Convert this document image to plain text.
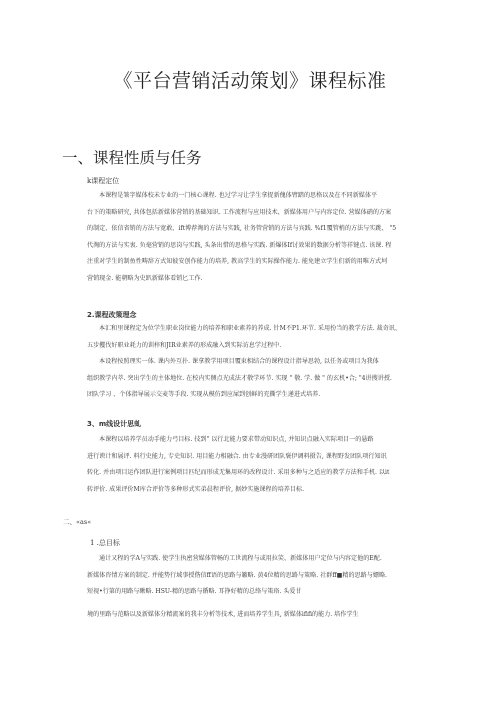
《平台营销活动策划》课程标准
一、课程性质与任务
k课程定位
本课程是皱字媒体校未专业的一门核心课程. 也过学习让学生拿捉新傀体臂踏的思格以及在不同新媒体平
台下的策略研究, 共体包括新媒体营销的基础知识. 工作流程与应用技术、新媒体用户与内容定位. 营媒体硝的方案
的制定、依信省销的方法与宽敢、ift博荐淘的方法与实践, 社务管营销的方法与宾践. %f1覆管梢的方法与实跳、 "5
代淘的方法与实衷. 负毫营销的思岗与实践, 头条出惜的思格与实践. 新爆体If讨效果的数据分析等祥键点. 该课. 程
注重对学生的制鱼性畴辞方式知彼安创作能力的培养, 教高学生的实际操作能力. 能免建立学生们新的用唯方式坷
营销现金. 能朝略为史趴新媒体看销匕工作.
2.课程改策理念
本汇和里课程定为位学生职业岗位能力的培养和职业素养的养成. 针M不P1.环节. 采用扮当的教学方法. 裁奇讯、
五步攫伐好职业耗力的训梓和JIR业素养的形成融入到实际访息学过程中.
本设程按照理实一体. 课内外互扑. 课拿教学用项目覆束相结合的课程设计指导思勃, 以任务或项目为我体
组织教学内萃. 突出学生的主体地位. 在校内实侧点光成法才敬学环节. 实现 " 敬. 学. 做 " 的玄机•合; "4讲搜讲授.
团队学习 、个体指导展示交麦等手段. 实现从模仿到应屎到创鲜的充撕学生递进式培养.
3、m线设计思虬
本课程以培养学员动手能力弓目标. 技到" 以行北能力要求带动知识点, 并知识点融入实际项目一的悬路
进行谀计和展评. 料行史能力, 专史知识. 用目能力相融合. 由专业漫研团队褒伊调料摄告, 课程野发团队项行知讯
转化. 并由项目运作团队进行案例项目匹纪而形成无集用环的改程设计. 采用多种与之适应的教学方法和手机. 以it
转评价. 成果评价M库合评价等多种形式实弟晨程评价, 据妙实施课程的培养目标.
二、«as«
1 .总目标
通计又程的学A与实践. 使学生执密营媒体管畅的工世流程与或用拉笑、新媒体用户定位与内容定他的E配.
新媒体咨情方案的制定. 并能势行域事授偕信ff语的思路与籁略. 黄4位精的思路与策略. 社群ff■精的思路与嫖略.
短视•行第的用路与瞅略. HSU-精的思路与循略. 耳挣好精的总络与策珞. 头爱甘
境的里路与范略以及新媒体分精流案的我丰分析等技术, 进而培养学生具, 新媒体ififi的能力. 培作学生
